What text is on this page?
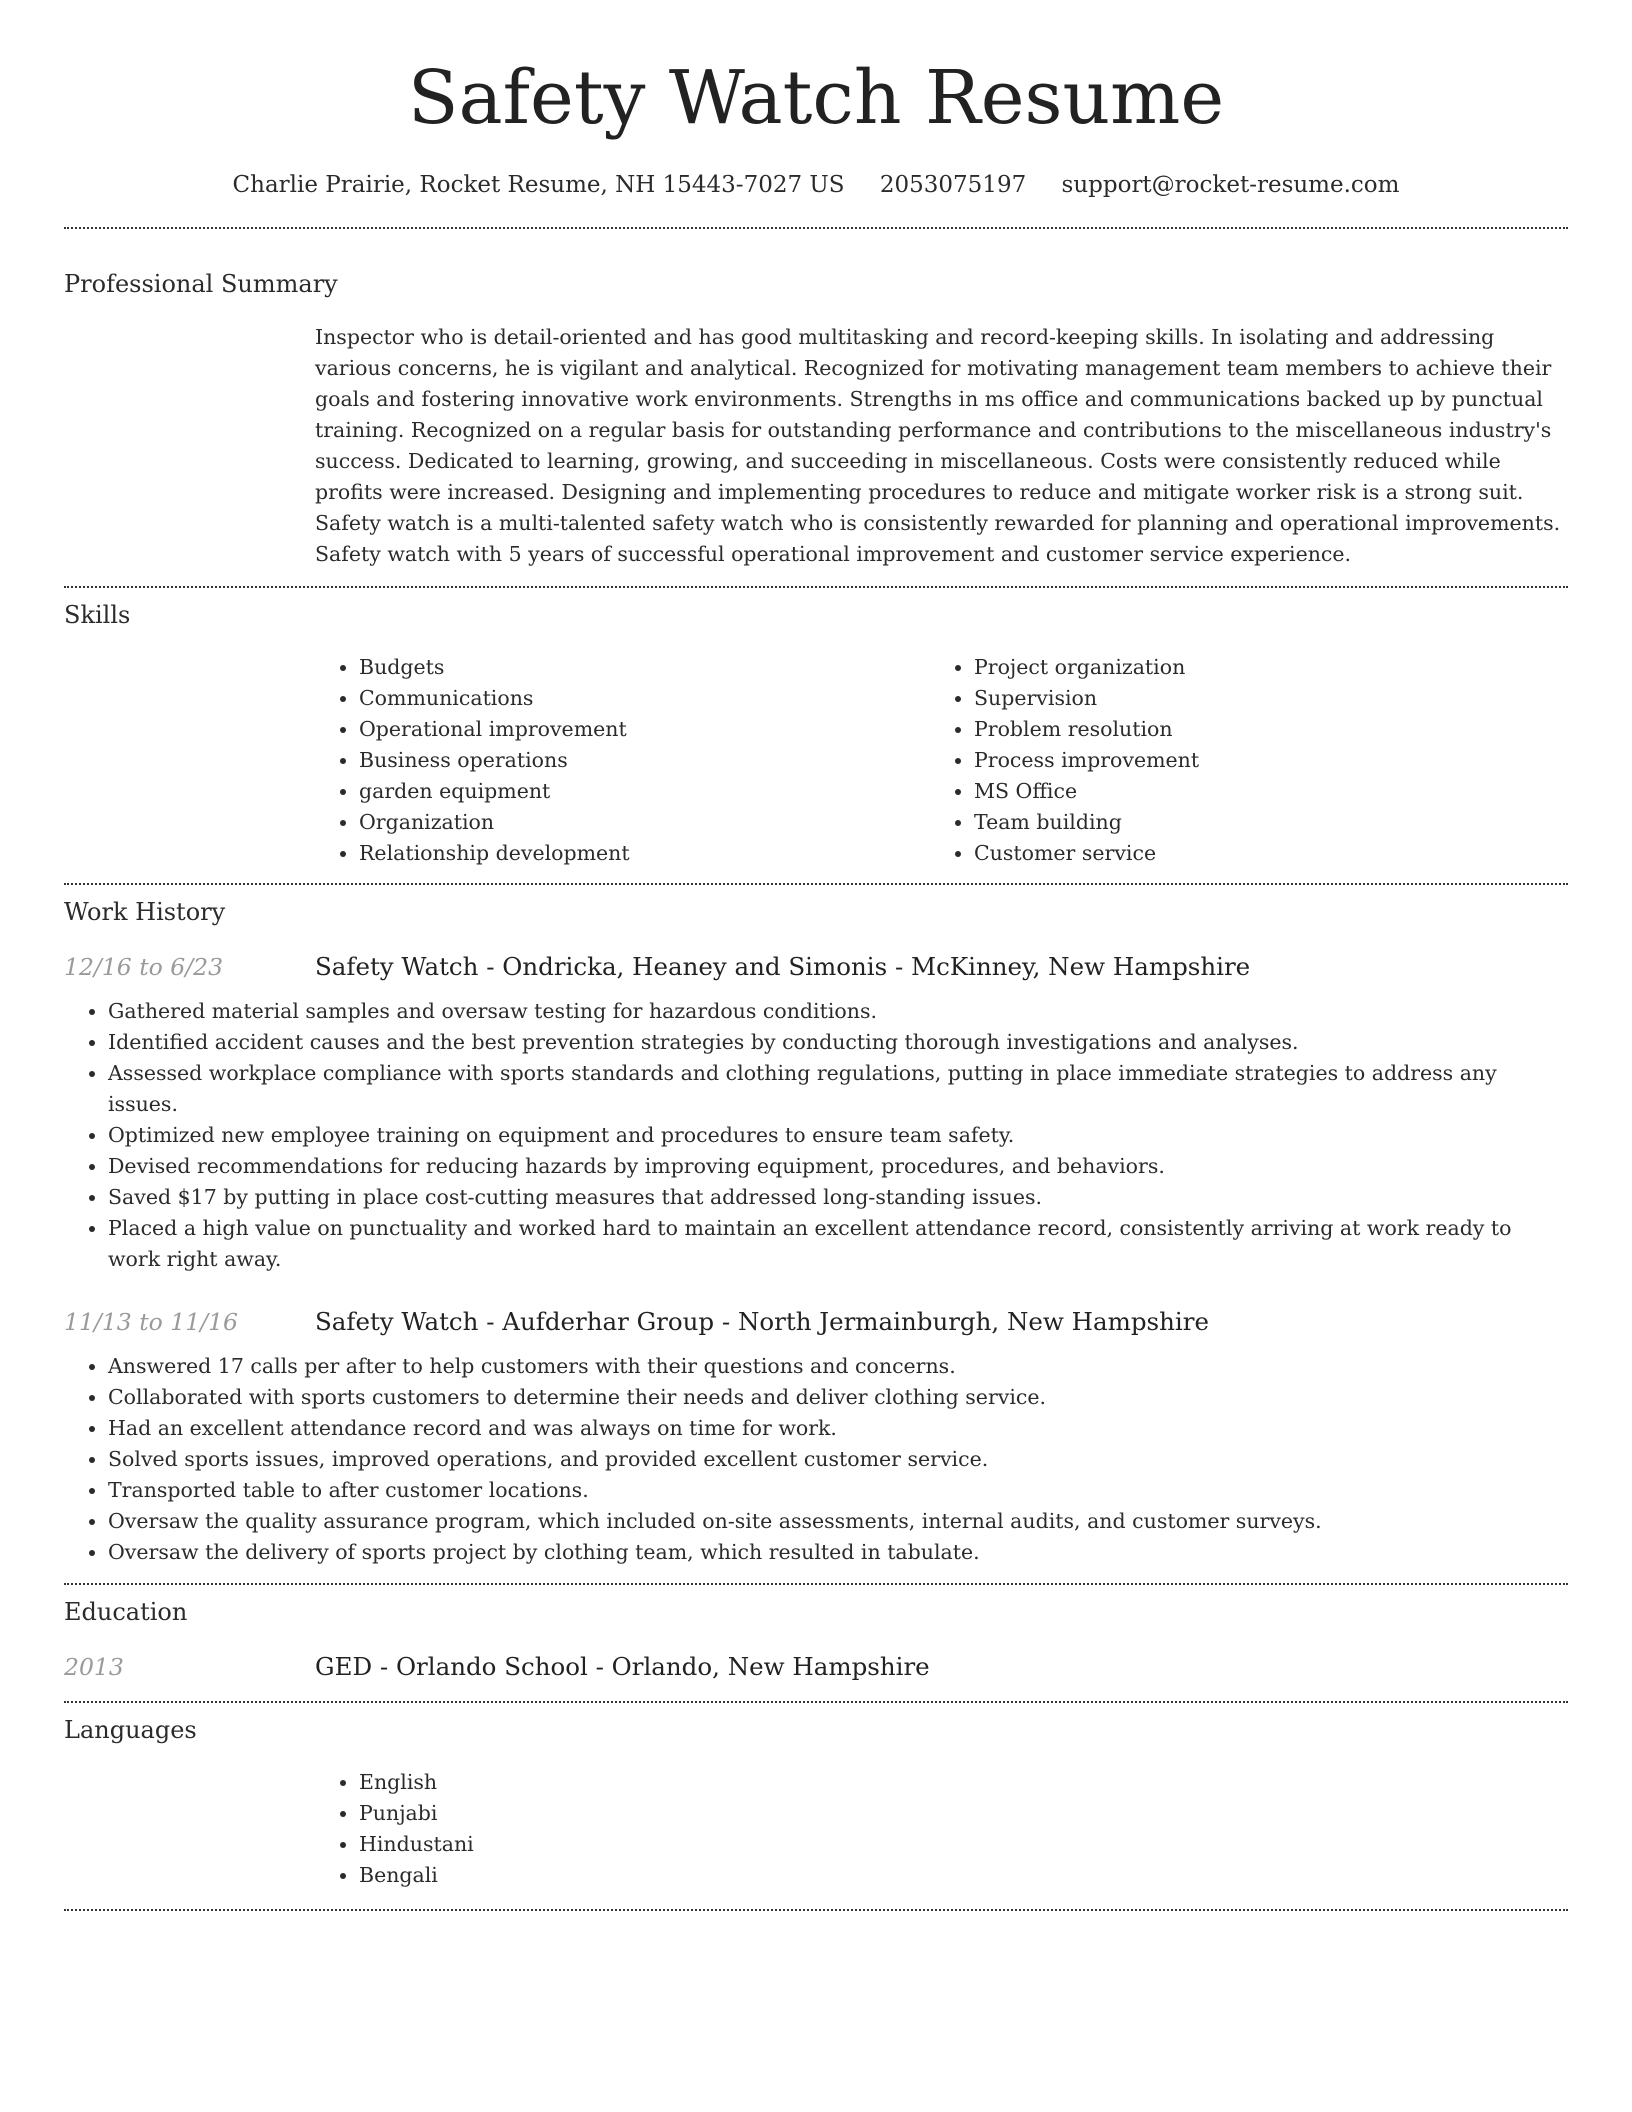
Safety Watch Resume
Charlie Prairie, Rocket Resume, NH 15443-7027 US 2053075197 support@rocket-resume.com
Professional Summary

Inspector who is detail-oriented and has good multitasking and record-keeping skills. In isolating and addressing various concerns, he is vigilant and analytical. Recognized for motivating management team members to achieve their goals and fostering innovative work environments. Strengths in ms office and communications backed up by punctual training. Recognized on a regular basis for outstanding performance and contributions to the miscellaneous industry's success. Dedicated to learning, growing, and succeeding in miscellaneous. Costs were consistently reduced while profits were increased. Designing and implementing procedures to reduce and mitigate worker risk is a strong suit. Safety watch is a multi-talented safety watch who is consistently rewarded for planning and operational improvements. Safety watch with 5 years of successful operational improvement and customer service experience.

Skills
• Budgets
• Communications
• Operational improvement
• Business operations
• garden equipment
• Organization
• Relationship development
• Project organization
• Supervision
• Problem resolution
• Process improvement
• MS Office
• Team building
• Customer service
Work History
12/16 to 6/23	Safety Watch - Ondricka, Heaney and Simonis - McKinney, New Hampshire
• Gathered material samples and oversaw testing for hazardous conditions.
• Identified accident causes and the best prevention strategies by conducting thorough investigations and analyses.
• Assessed workplace compliance with sports standards and clothing regulations, putting in place immediate strategies to address any issues.
• Optimized new employee training on equipment and procedures to ensure team safety.
• Devised recommendations for reducing hazards by improving equipment, procedures, and behaviors.
• Saved $17 by putting in place cost-cutting measures that addressed long-standing issues.
• Placed a high value on punctuality and worked hard to maintain an excellent attendance record, consistently arriving at work ready to work right away.
11/13 to 11/16	Safety Watch - Aufderhar Group - North Jermainburgh, New Hampshire
• Answered 17 calls per after to help customers with their questions and concerns.
• Collaborated with sports customers to determine their needs and deliver clothing service.
• Had an excellent attendance record and was always on time for work.
• Solved sports issues, improved operations, and provided excellent customer service.
• Transported table to after customer locations.
• Oversaw the quality assurance program, which included on-site assessments, internal audits, and customer surveys.
• Oversaw the delivery of sports project by clothing team, which resulted in tabulate.
Education
2013	GED - Orlando School - Orlando, New Hampshire
Languages
• English
• Punjabi
• Hindustani
• Bengali
